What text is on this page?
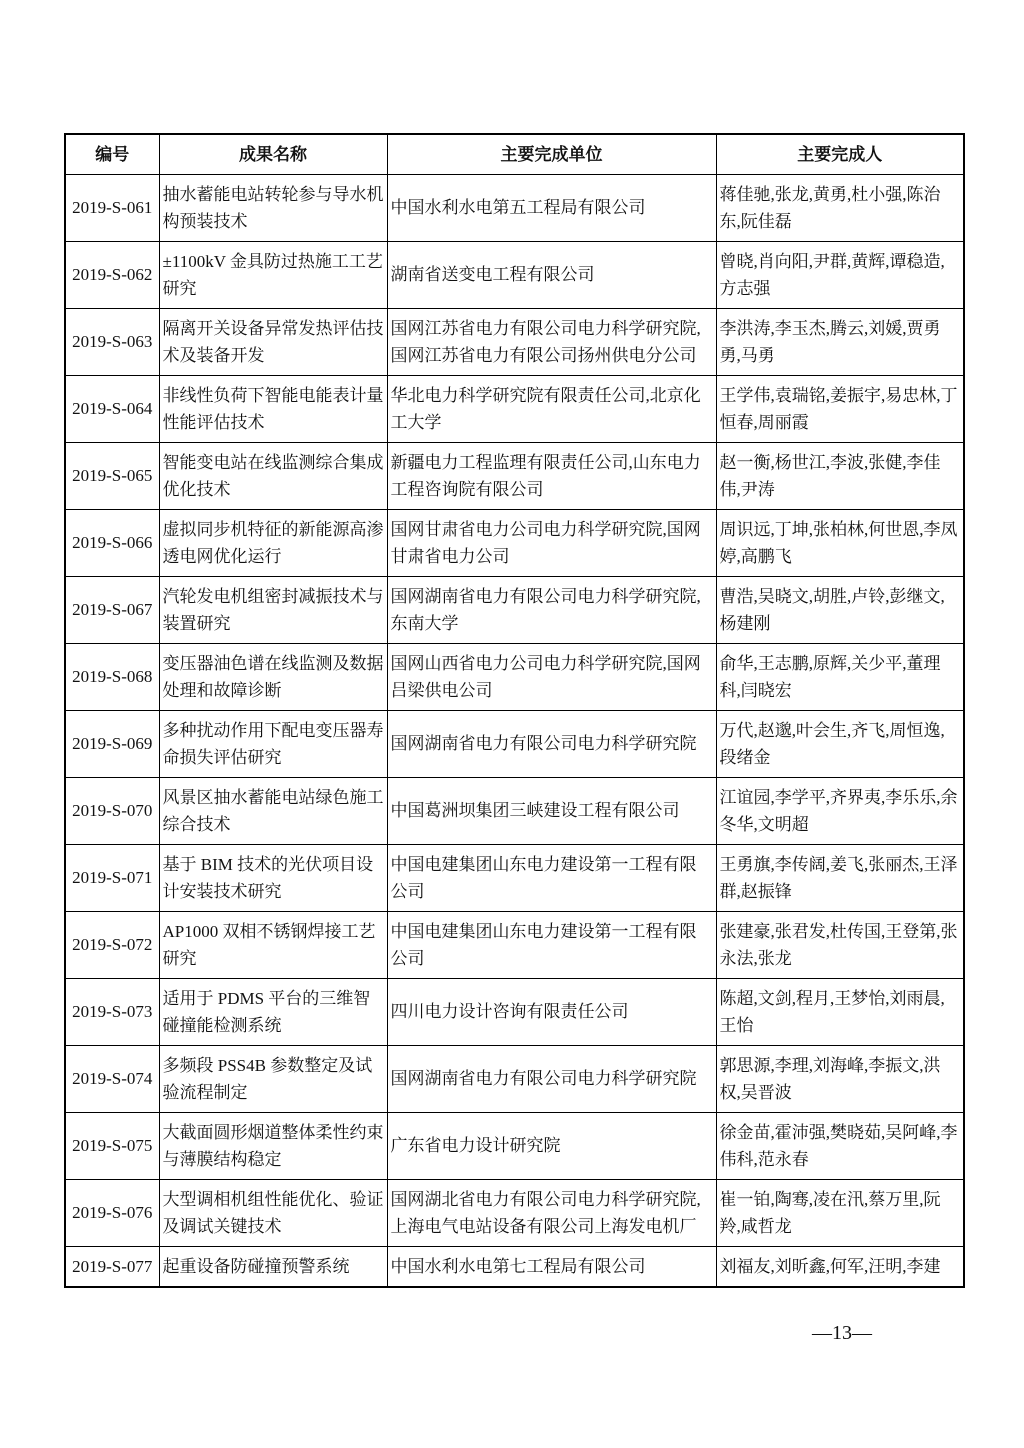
编号	成果名称	主要完成单位	主要完成人
2019-S-061	抽水蓄能电站转轮参与导水机构预装技术	中国水利水电第五工程局有限公司	蒋佳驰,张龙,黄勇,杜小强,陈治东,阮佳磊
2019-S-062	±1100kV 金具防过热施工工艺研究	湖南省送变电工程有限公司	曾晓,肖向阳,尹群,黄辉,谭稳造,方志强
2019-S-063	隔离开关设备异常发热评估技术及装备开发	国网江苏省电力有限公司电力科学研究院,国网江苏省电力有限公司扬州供电分公司	李洪涛,李玉杰,腾云,刘媛,贾勇勇,马勇
2019-S-064	非线性负荷下智能电能表计量性能评估技术	华北电力科学研究院有限责任公司,北京化工大学	王学伟,袁瑞铭,姜振宇,易忠林,丁恒春,周丽霞
2019-S-065	智能变电站在线监测综合集成优化技术	新疆电力工程监理有限责任公司,山东电力工程咨询院有限公司	赵一衡,杨世江,李波,张健,李佳伟,尹涛
2019-S-066	虚拟同步机特征的新能源高渗透电网优化运行	国网甘肃省电力公司电力科学研究院,国网甘肃省电力公司	周识远,丁坤,张柏林,何世恩,李凤婷,高鹏飞
2019-S-067	汽轮发电机组密封减振技术与装置研究	国网湖南省电力有限公司电力科学研究院,东南大学	曹浩,吴晓文,胡胜,卢铃,彭继文,杨建刚
2019-S-068	变压器油色谱在线监测及数据处理和故障诊断	国网山西省电力公司电力科学研究院,国网吕梁供电公司	俞华,王志鹏,原辉,关少平,董理科,闫晓宏
2019-S-069	多种扰动作用下配电变压器寿命损失评估研究	国网湖南省电力有限公司电力科学研究院	万代,赵邈,叶会生,齐飞,周恒逸,段绪金
2019-S-070	风景区抽水蓄能电站绿色施工综合技术	中国葛洲坝集团三峡建设工程有限公司	江谊园,李学平,齐界夷,李乐乐,余冬华,文明超
2019-S-071	基于 BIM 技术的光伏项目设计安装技术研究	中国电建集团山东电力建设第一工程有限公司	王勇旗,李传阔,姜飞,张丽杰,王泽群,赵振锋
2019-S-072	AP1000 双相不锈钢焊接工艺研究	中国电建集团山东电力建设第一工程有限公司	张建豪,张君发,杜传国,王登第,张永法,张龙
2019-S-073	适用于 PDMS 平台的三维智碰撞能检测系统	四川电力设计咨询有限责任公司	陈超,文剑,程月,王梦怡,刘雨晨,王怡
2019-S-074	多频段 PSS4B 参数整定及试验流程制定	国网湖南省电力有限公司电力科学研究院	郭思源,李理,刘海峰,李振文,洪权,吴晋波
2019-S-075	大截面圆形烟道整体柔性约束与薄膜结构稳定	广东省电力设计研究院	徐金苗,霍沛强,樊晓茹,吴阿峰,李伟科,范永春
2019-S-076	大型调相机组性能优化、验证及调试关键技术	国网湖北省电力有限公司电力科学研究院,上海电气电站设备有限公司上海发电机厂	崔一铂,陶骞,凌在汛,蔡万里,阮羚,咸哲龙
2019-S-077	起重设备防碰撞预警系统	中国水利水电第七工程局有限公司	刘福友,刘昕鑫,何军,汪明,李建
—13—
